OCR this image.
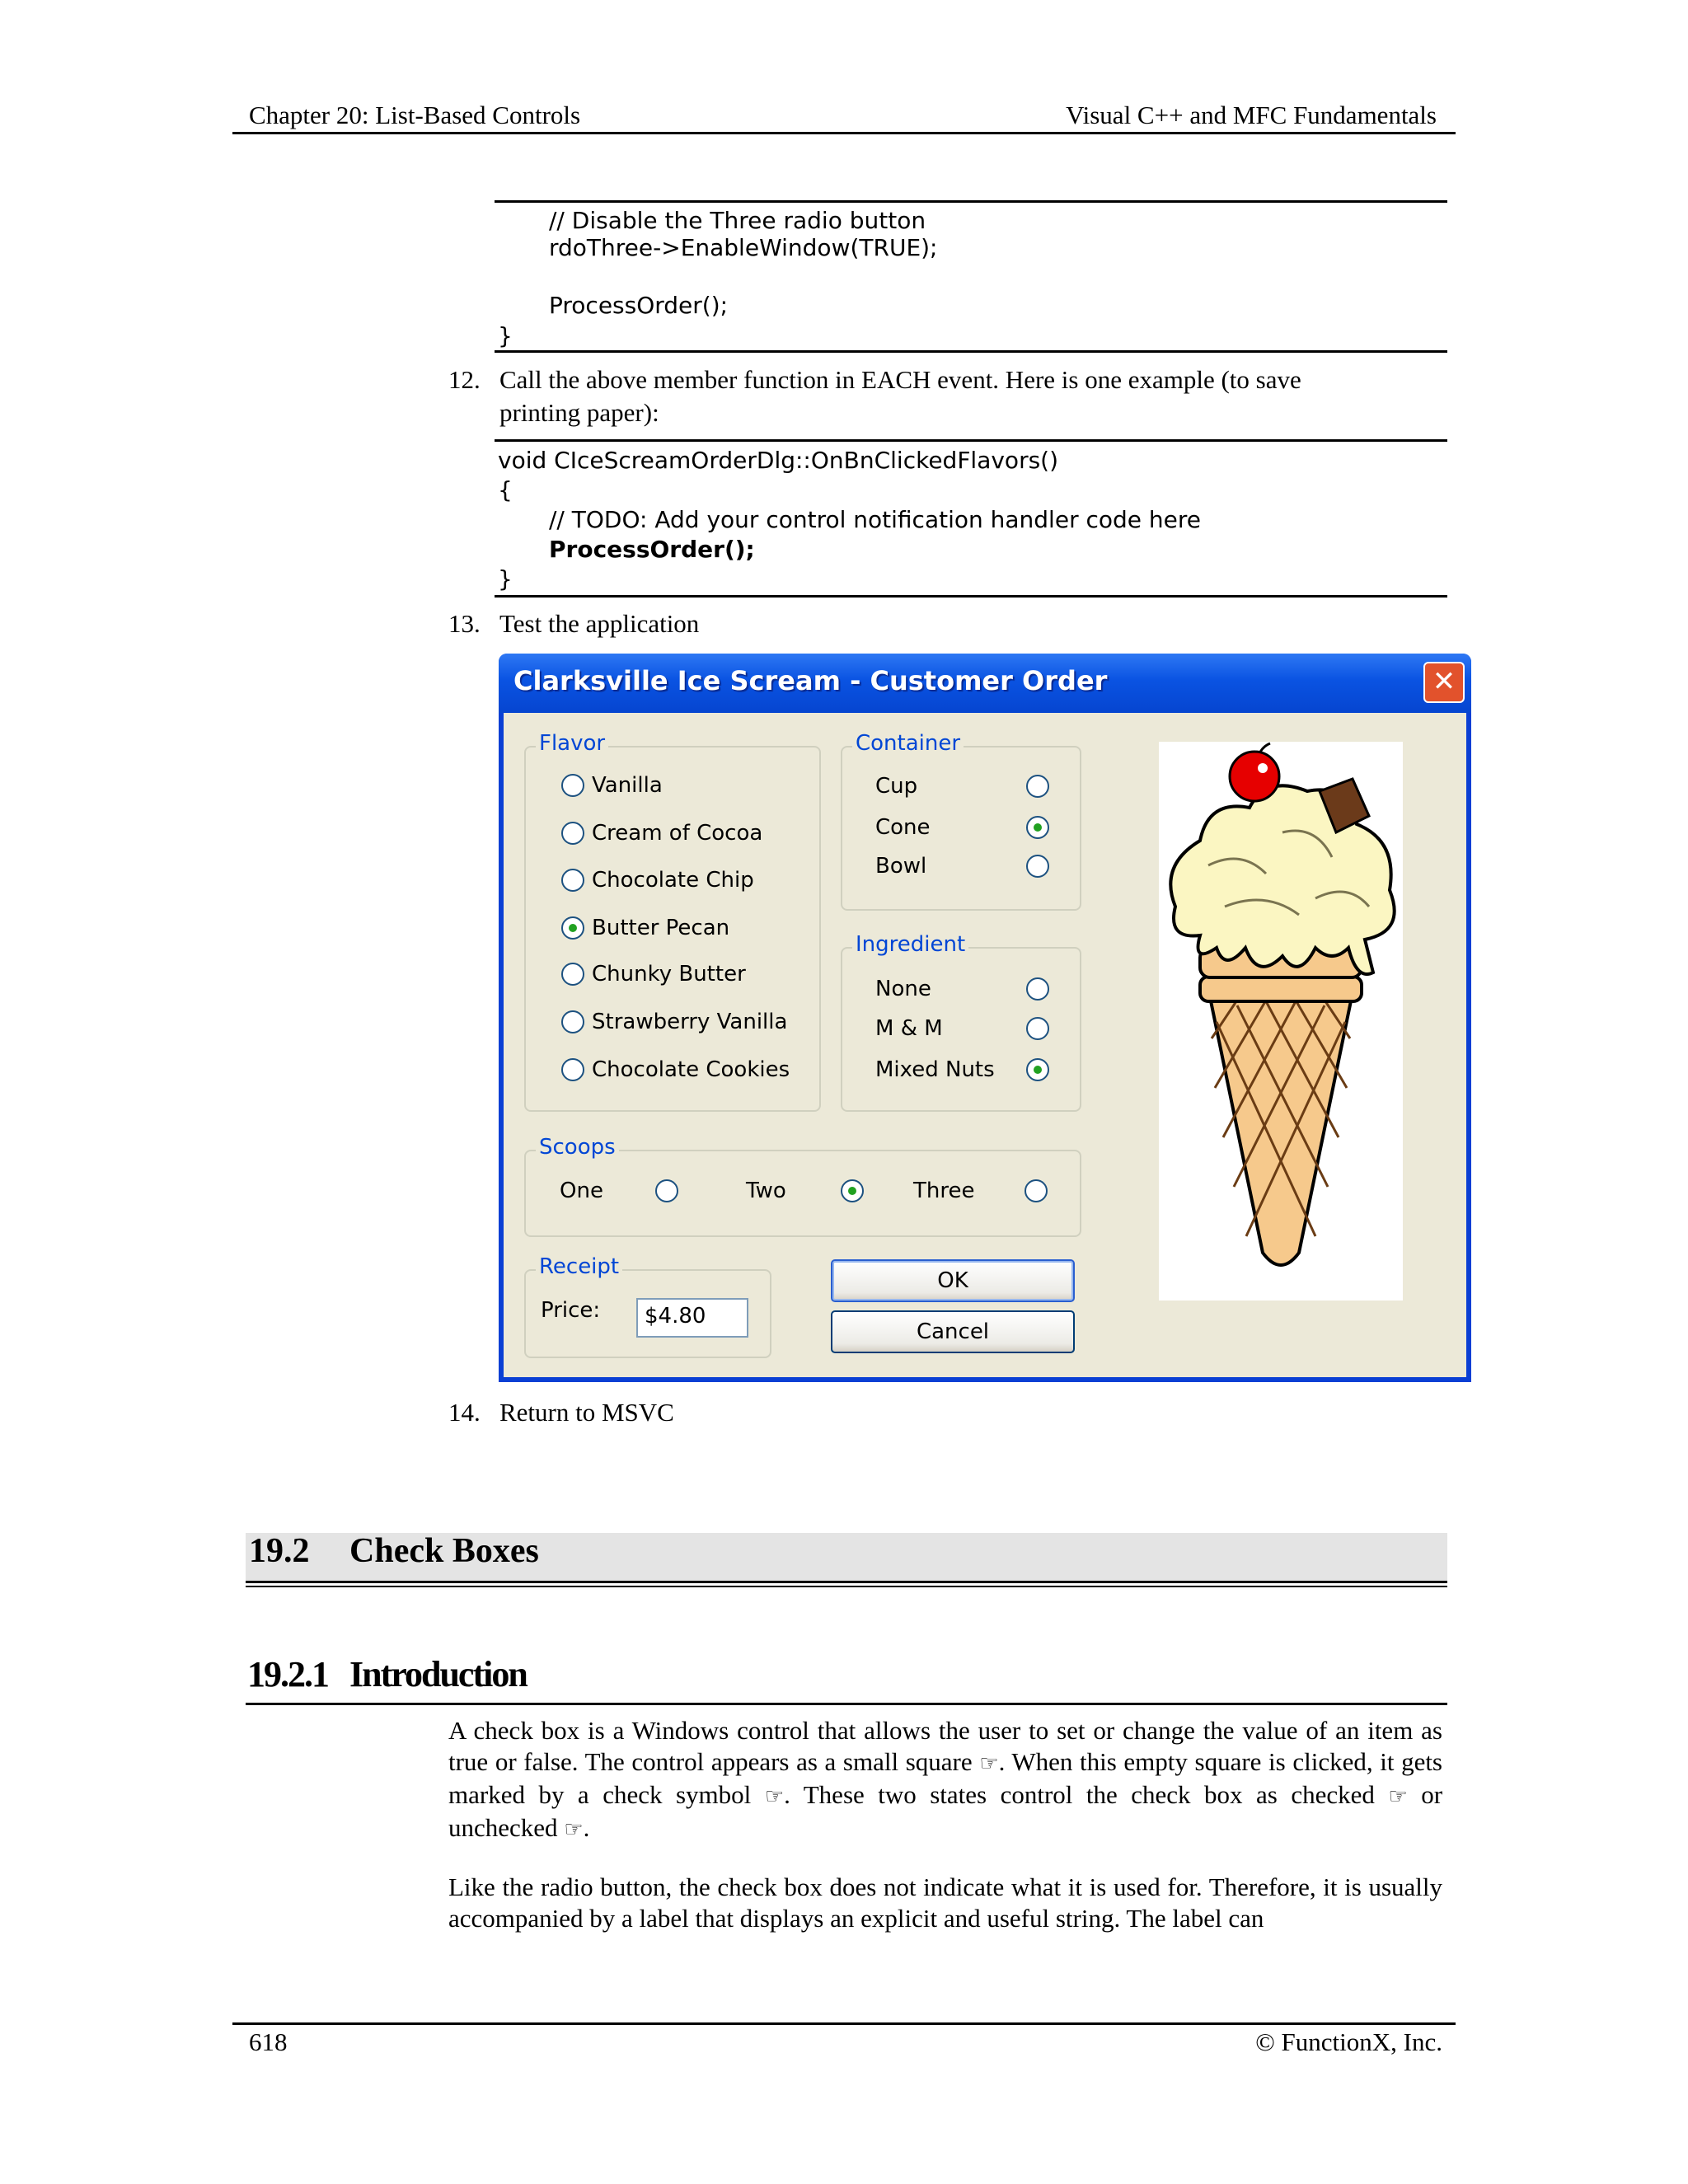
Chapter 20: List-Based Controls	Visual C++ and MFC Fundamentals
// Disable the Three radio button
rdoThree->EnableWindow(TRUE);
ProcessOrder();
}
12. Call the above member function in EACH event. Here is one example (to save
printing paper):
void CIceScreamOrderDlg::OnBnClickedFlavors()
{
// TODO: Add your control notification handler code here
ProcessOrder();
}
13. Test the application
Clarksville Ice Scream - Customer Order	✕
Flavor
Vanilla
Cream of Cocoa
Chocolate Chip
Butter Pecan
Chunky Butter
Strawberry Vanilla
Chocolate Cookies
Container
Cup
Cone
Bowl
Ingredient
None
M & M
Mixed Nuts
Scoops
One	Two	Three
Receipt
Price:	$4.80
OK
Cancel
14. Return to MSVC
19.2 Check Boxes
19.2.1 Introduction
A check box is a Windows control that allows the user to set or change the value of an item as true or false. The control appears as a small square ☞. When this empty square is clicked, it gets marked by a check symbol ☞. These two states control the check box as checked ☞ or unchecked ☞.
Like the radio button, the check box does not indicate what it is used for. Therefore, it is usually accompanied by a label that displays an explicit and useful string. The label can
618	© FunctionX, Inc.
